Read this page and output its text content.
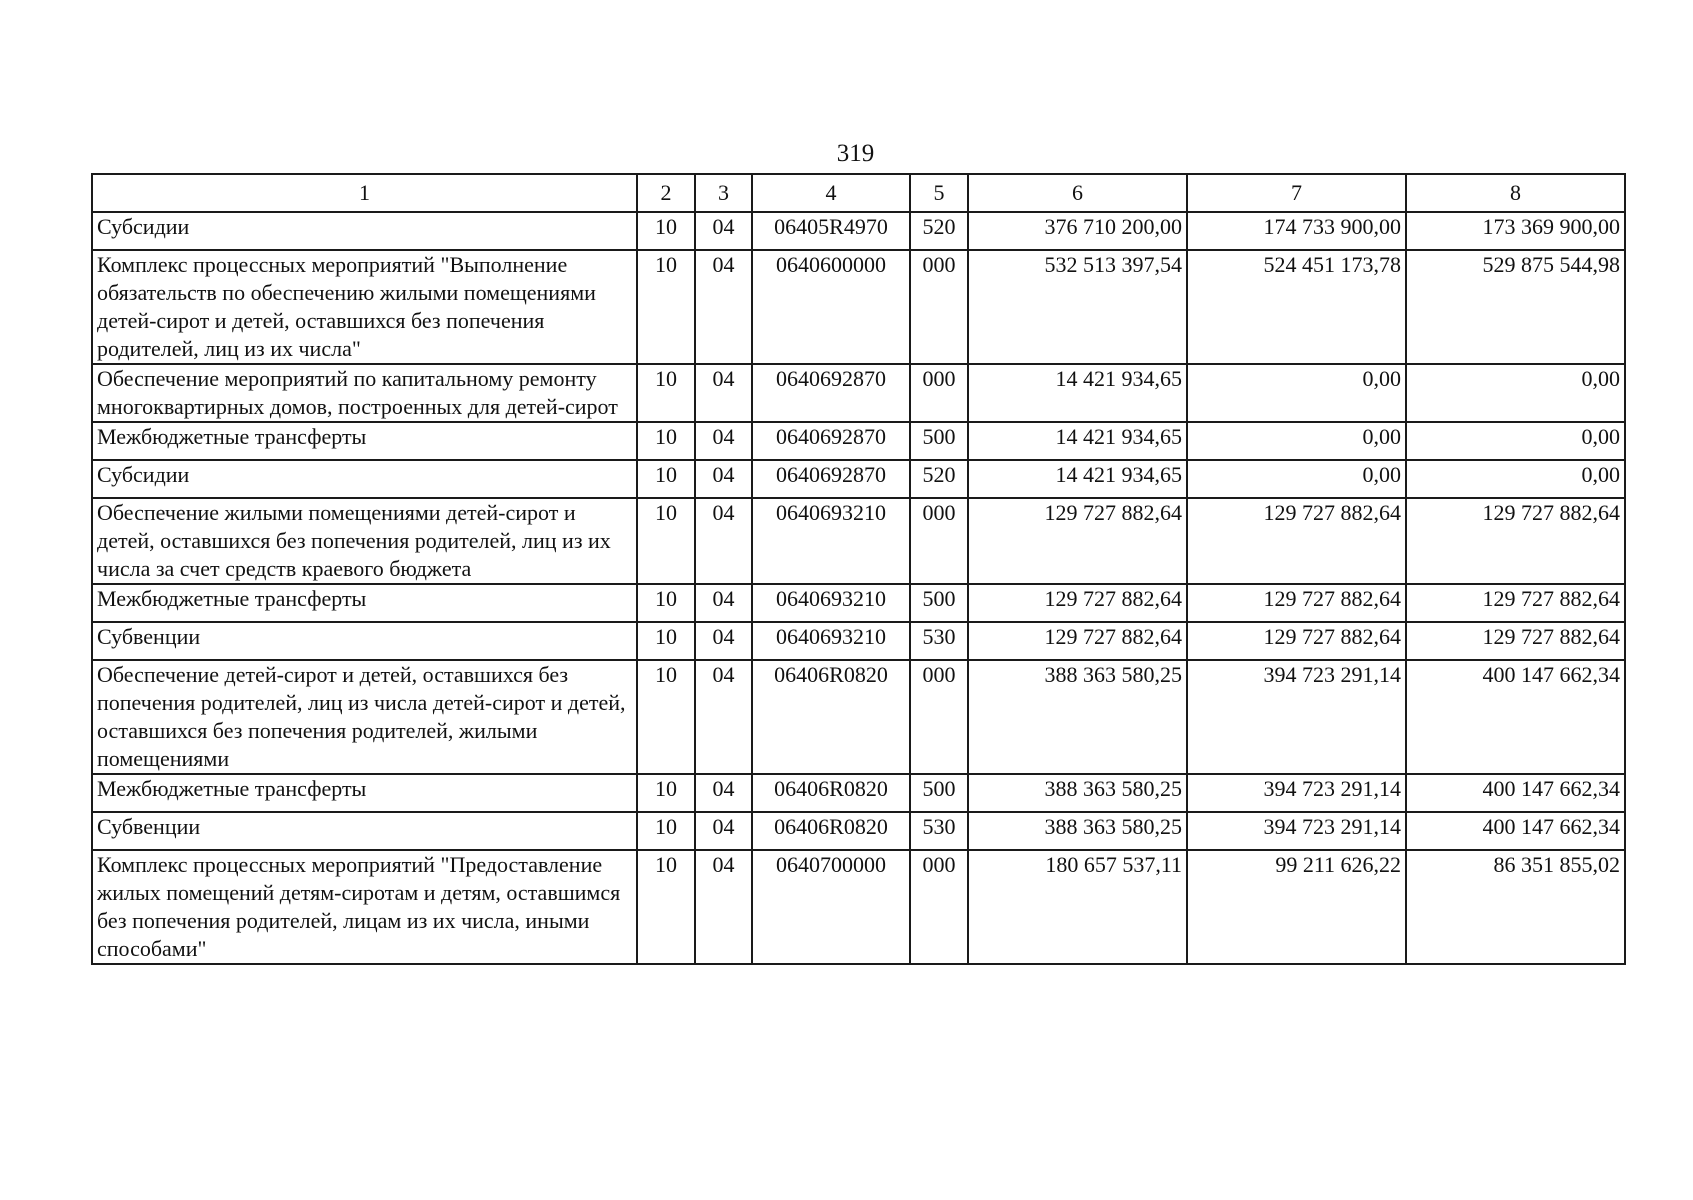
319
1	2	3	4	5	6	7	8
Субсидии	10	04	06405R4970	520	376 710 200,00	174 733 900,00	173 369 900,00
Комплекс процессных мероприятий "Выполнение обязательств по обеспечению жилыми помещениями детей-сирот и детей, оставшихся без попечения родителей, лиц из их числа"	10	04	0640600000	000	532 513 397,54	524 451 173,78	529 875 544,98
Обеспечение мероприятий по капитальному ремонту многоквартирных домов, построенных для детей-сирот	10	04	0640692870	000	14 421 934,65	0,00	0,00
Межбюджетные трансферты	10	04	0640692870	500	14 421 934,65	0,00	0,00
Субсидии	10	04	0640692870	520	14 421 934,65	0,00	0,00
Обеспечение жилыми помещениями детей-сирот и детей, оставшихся без попечения родителей, лиц из их числа за счет средств краевого бюджета	10	04	0640693210	000	129 727 882,64	129 727 882,64	129 727 882,64
Межбюджетные трансферты	10	04	0640693210	500	129 727 882,64	129 727 882,64	129 727 882,64
Субвенции	10	04	0640693210	530	129 727 882,64	129 727 882,64	129 727 882,64
Обеспечение детей-сирот и детей, оставшихся без попечения родителей, лиц из числа детей-сирот и детей, оставшихся без попечения родителей, жилыми помещениями	10	04	06406R0820	000	388 363 580,25	394 723 291,14	400 147 662,34
Межбюджетные трансферты	10	04	06406R0820	500	388 363 580,25	394 723 291,14	400 147 662,34
Субвенции	10	04	06406R0820	530	388 363 580,25	394 723 291,14	400 147 662,34
Комплекс процессных мероприятий "Предоставление жилых помещений детям-сиротам и детям, оставшимся без попечения родителей, лицам из их числа, иными способами"	10	04	0640700000	000	180 657 537,11	99 211 626,22	86 351 855,02
